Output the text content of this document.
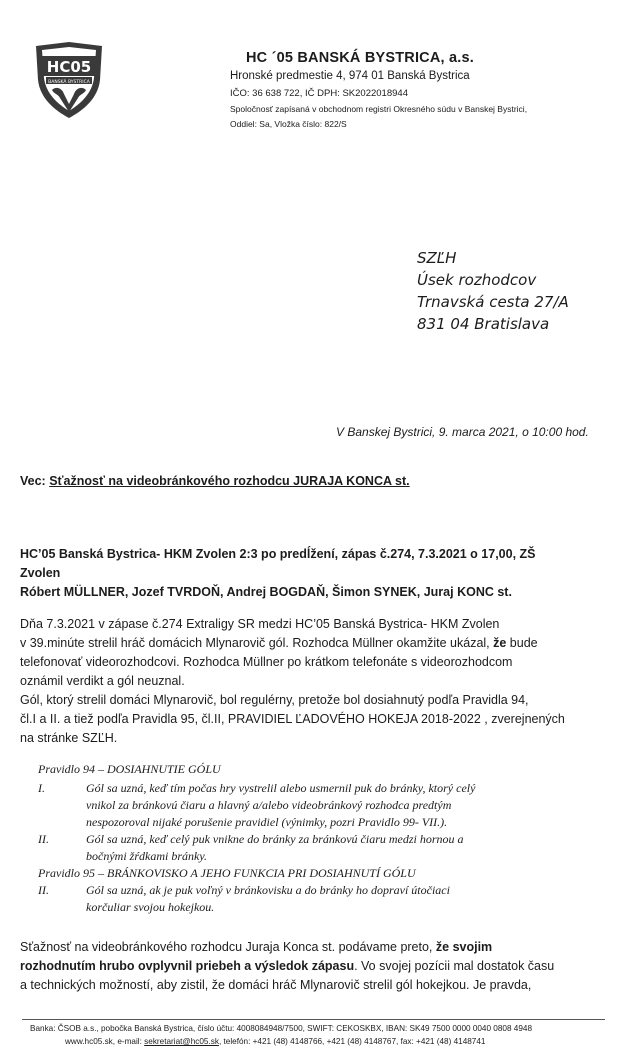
HC05
BANSKÁ BYSTRICA
HC ´05 BANSKÁ BYSTRICA, a.s.
Hronské predmestie 4, 974 01 Banská Bystrica
IČO: 36 638 722, IČ DPH: SK2022018944
Spoločnosť zapísaná v obchodnom registri Okresného súdu v Banskej Bystrici,
Oddiel: Sa, Vložka číslo: 822/S
SZĽH
Úsek rozhodcov
Trnavská cesta 27/A
831 04 Bratislava
V Banskej Bystrici, 9. marca 2021, o 10:00 hod.
Vec: Sťažnosť na videobránkového rozhodcu JURAJA KONCA st.
HC’05 Banská Bystrica- HKM Zvolen 2:3 po predĺžení, zápas č.274, 7.3.2021 o 17,00, ZŠ
Zvolen
Róbert MÜLLNER, Jozef TVRDOŇ, Andrej BOGDAŇ, Šimon SYNEK, Juraj KONC st.
Dňa 7.3.2021 v zápase č.274 Extraligy SR medzi HC’05 Banská Bystrica- HKM Zvolen
v 39.minúte strelil hráč domácich Mlynarovič gól. Rozhodca Müllner okamžite ukázal, že bude
telefonovať videorozhodcovi. Rozhodca Müllner po krátkom telefonáte s videorozhodcom
oznámil verdikt a gól neuznal.
Gól, ktorý strelil domáci Mlynarovič, bol regulérny, pretože bol dosiahnutý podľa Pravidla 94,
čl.I a II. a tiež podľa Pravidla 95, čl.II, PRAVIDIEL ĽADOVÉHO HOKEJA 2018-2022 , zverejnených
na stránke SZĽH.
Pravidlo 94 – DOSIAHNUTIE GÓLU
I.	Gól sa uzná, keď tím počas hry vystrelil alebo usmernil puk do bránky, ktorý celý
vnikol za bránkovú čiaru a hlavný a/alebo videobránkový rozhodca predtým
nespozoroval nijaké porušenie pravidiel (výnimky, pozri Pravidlo 99- VII.).
II.	Gól sa uzná, keď celý puk vnikne do bránky za bránkovú čiaru medzi hornou a
bočnými žŕdkami bránky.
Pravidlo 95 – BRÁNKOVISKO A JEHO FUNKCIA PRI DOSIAHNUTÍ GÓLU
II.	Gól sa uzná, ak je puk voľný v bránkovisku a do bránky ho dopraví útočiaci
korčuliar svojou hokejkou.
Sťažnosť na videobránkového rozhodcu Juraja Konca st. podávame preto, že svojim
rozhodnutím hrubo ovplyvnil priebeh a výsledok zápasu. Vo svojej pozícii mal dostatok času
a technických možností, aby zistil, že domáci hráč Mlynarovič strelil gól hokejkou. Je pravda,
Banka: ČSOB a.s., pobočka Banská Bystrica, číslo účtu: 4008084948/7500, SWIFT: CEKOSKBX, IBAN: SK49 7500 0000 0040 0808 4948
www.hc05.sk, e-mail: sekretariat@hc05.sk, telefón: +421 (48) 4148766, +421 (48) 4148767, fax: +421 (48) 4148741
